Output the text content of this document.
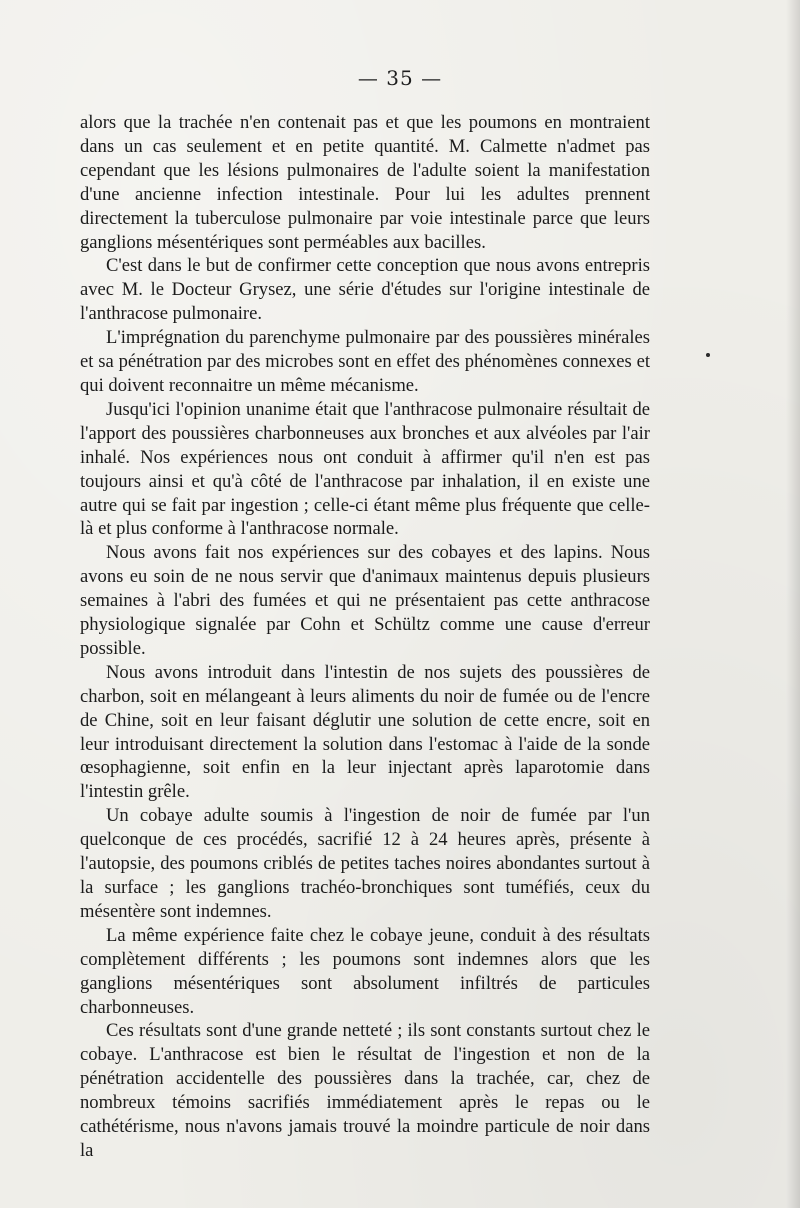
— 35 —

alors que la trachée n'en contenait pas et que les poumons en montraient dans un cas seulement et en petite quantité. M. Calmette n'admet pas cependant que les lésions pulmonaires de l'adulte soient la manifestation d'une ancienne infection intestinale. Pour lui les adultes prennent directement la tuberculose pulmonaire par voie intestinale parce que leurs ganglions mésentériques sont perméables aux bacilles.

C'est dans le but de confirmer cette conception que nous avons entrepris avec M. le Docteur Grysez, une série d'études sur l'origine intestinale de l'anthracose pulmonaire.

L'imprégnation du parenchyme pulmonaire par des poussières minérales et sa pénétration par des microbes sont en effet des phénomènes connexes et qui doivent reconnaitre un même mécanisme.

Jusqu'ici l'opinion unanime était que l'anthracose pulmonaire résultait de l'apport des poussières charbonneuses aux bronches et aux alvéoles par l'air inhalé. Nos expériences nous ont conduit à affirmer qu'il n'en est pas toujours ainsi et qu'à côté de l'anthracose par inhalation, il en existe une autre qui se fait par ingestion ; celle-ci étant même plus fréquente que celle-là et plus conforme à l'anthracose normale.

Nous avons fait nos expériences sur des cobayes et des lapins. Nous avons eu soin de ne nous servir que d'animaux maintenus depuis plusieurs semaines à l'abri des fumées et qui ne présentaient pas cette anthracose physiologique signalée par Cohn et Schültz comme une cause d'erreur possible.

Nous avons introduit dans l'intestin de nos sujets des poussières de charbon, soit en mélangeant à leurs aliments du noir de fumée ou de l'encre de Chine, soit en leur faisant déglutir une solution de cette encre, soit en leur introduisant directement la solution dans l'estomac à l'aide de la sonde œsophagienne, soit enfin en la leur injectant après laparotomie dans l'intestin grêle.

Un cobaye adulte soumis à l'ingestion de noir de fumée par l'un quelconque de ces procédés, sacrifié 12 à 24 heures après, présente à l'autopsie, des poumons criblés de petites taches noires abondantes surtout à la surface ; les ganglions trachéo-bronchiques sont tuméfiés, ceux du mésentère sont indemnes.

La même expérience faite chez le cobaye jeune, conduit à des résultats complètement différents ; les poumons sont indemnes alors que les ganglions mésentériques sont absolument infiltrés de particules charbonneuses.

Ces résultats sont d'une grande netteté ; ils sont constants surtout chez le cobaye. L'anthracose est bien le résultat de l'ingestion et non de la pénétration accidentelle des poussières dans la trachée, car, chez de nombreux témoins sacrifiés immédiatement après le repas ou le cathétérisme, nous n'avons jamais trouvé la moindre particule de noir dans la
